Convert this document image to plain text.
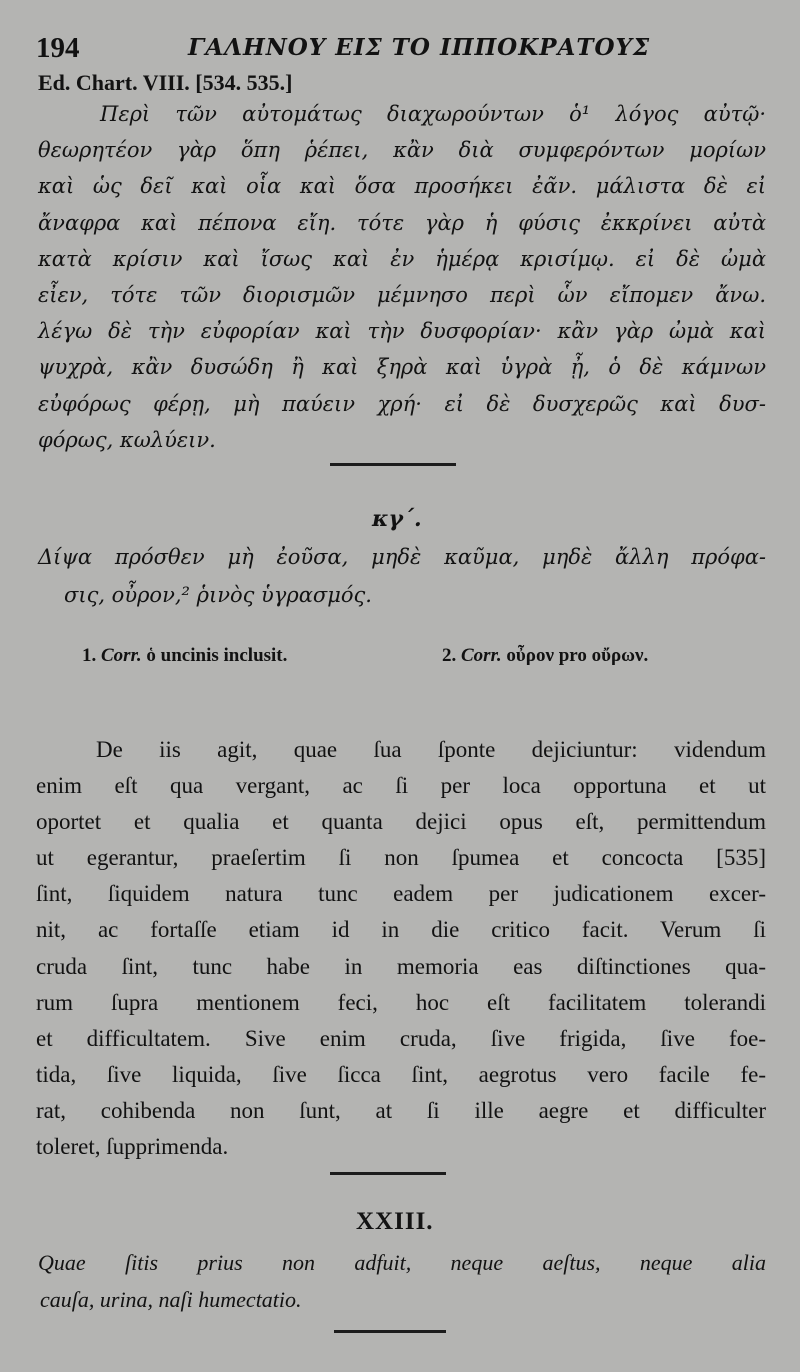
194	ΓΑΛΗΝΟΥ ΕΙΣ ΤΟ ΙΠΠΟΚΡΑΤΟΥΣ
Ed. Chart. VIII. [534. 535.]
Περὶ τῶν αὐτομάτως διαχωρούντων ὁ¹ λόγος αὐτῷ·
θεωρητέον γὰρ ὅπη ῥέπει, κἂν διὰ συμφερόντων μορίων
καὶ ὡς δεῖ καὶ οἷα καὶ ὅσα προσήκει ἐᾶν. μάλιστα δὲ εἰ
ἄναφρα καὶ πέπονα εἴη. τότε γὰρ ἡ φύσις ἐκκρίνει αὐτὰ
κατὰ κρίσιν καὶ ἴσως καὶ ἐν ἡμέρᾳ κρισίμῳ. εἰ δὲ ὠμὰ
εἶεν, τότε τῶν διορισμῶν μέμνησο περὶ ὧν εἴπομεν ἄνω.
λέγω δὲ τὴν εὐφορίαν καὶ τὴν δυσφορίαν· κἂν γὰρ ὠμὰ καὶ
ψυχρὰ, κἂν δυσώδη ἢ καὶ ξηρὰ καὶ ὑγρὰ ᾖ, ὁ δὲ κάμνων
εὐφόρως φέρῃ, μὴ παύειν χρή· εἰ δὲ δυσχερῶς καὶ δυσ-
φόρως, κωλύειν.
κγ΄.
Δίψα πρόσθεν μὴ ἐοῦσα, μηδὲ καῦμα, μηδὲ ἄλλη πρόφα-
σις, οὖρον,² ῥινὸς ὑγρασμός.
1. Corr. ὁ uncinis inclusit.	2. Corr. οὖρον pro οὔρων.
De iis agit, quae ſua ſponte dejiciuntur: videndum
enim eſt qua vergant, ac ſi per loca opportuna et ut
oportet et qualia et quanta dejici opus eſt, permittendum
ut egerantur, praeſertim ſi non ſpumea et concocta [535]
ſint, ſiquidem natura tunc eadem per judicationem excer-
nit, ac fortaſſe etiam id in die critico facit. Verum ſi
cruda ſint, tunc habe in memoria eas diſtinctiones qua-
rum ſupra mentionem feci, hoc eſt facilitatem tolerandi
et difficultatem. Sive enim cruda, ſive frigida, ſive foe-
tida, ſive liquida, ſive ſicca ſint, aegrotus vero facile fe-
rat, cohibenda non ſunt, at ſi ille aegre et difficulter
toleret, ſupprimenda.
XXIII.
Quae ſitis prius non adfuit, neque aeſtus, neque alia
cauſa, urina, naſi humectatio.
